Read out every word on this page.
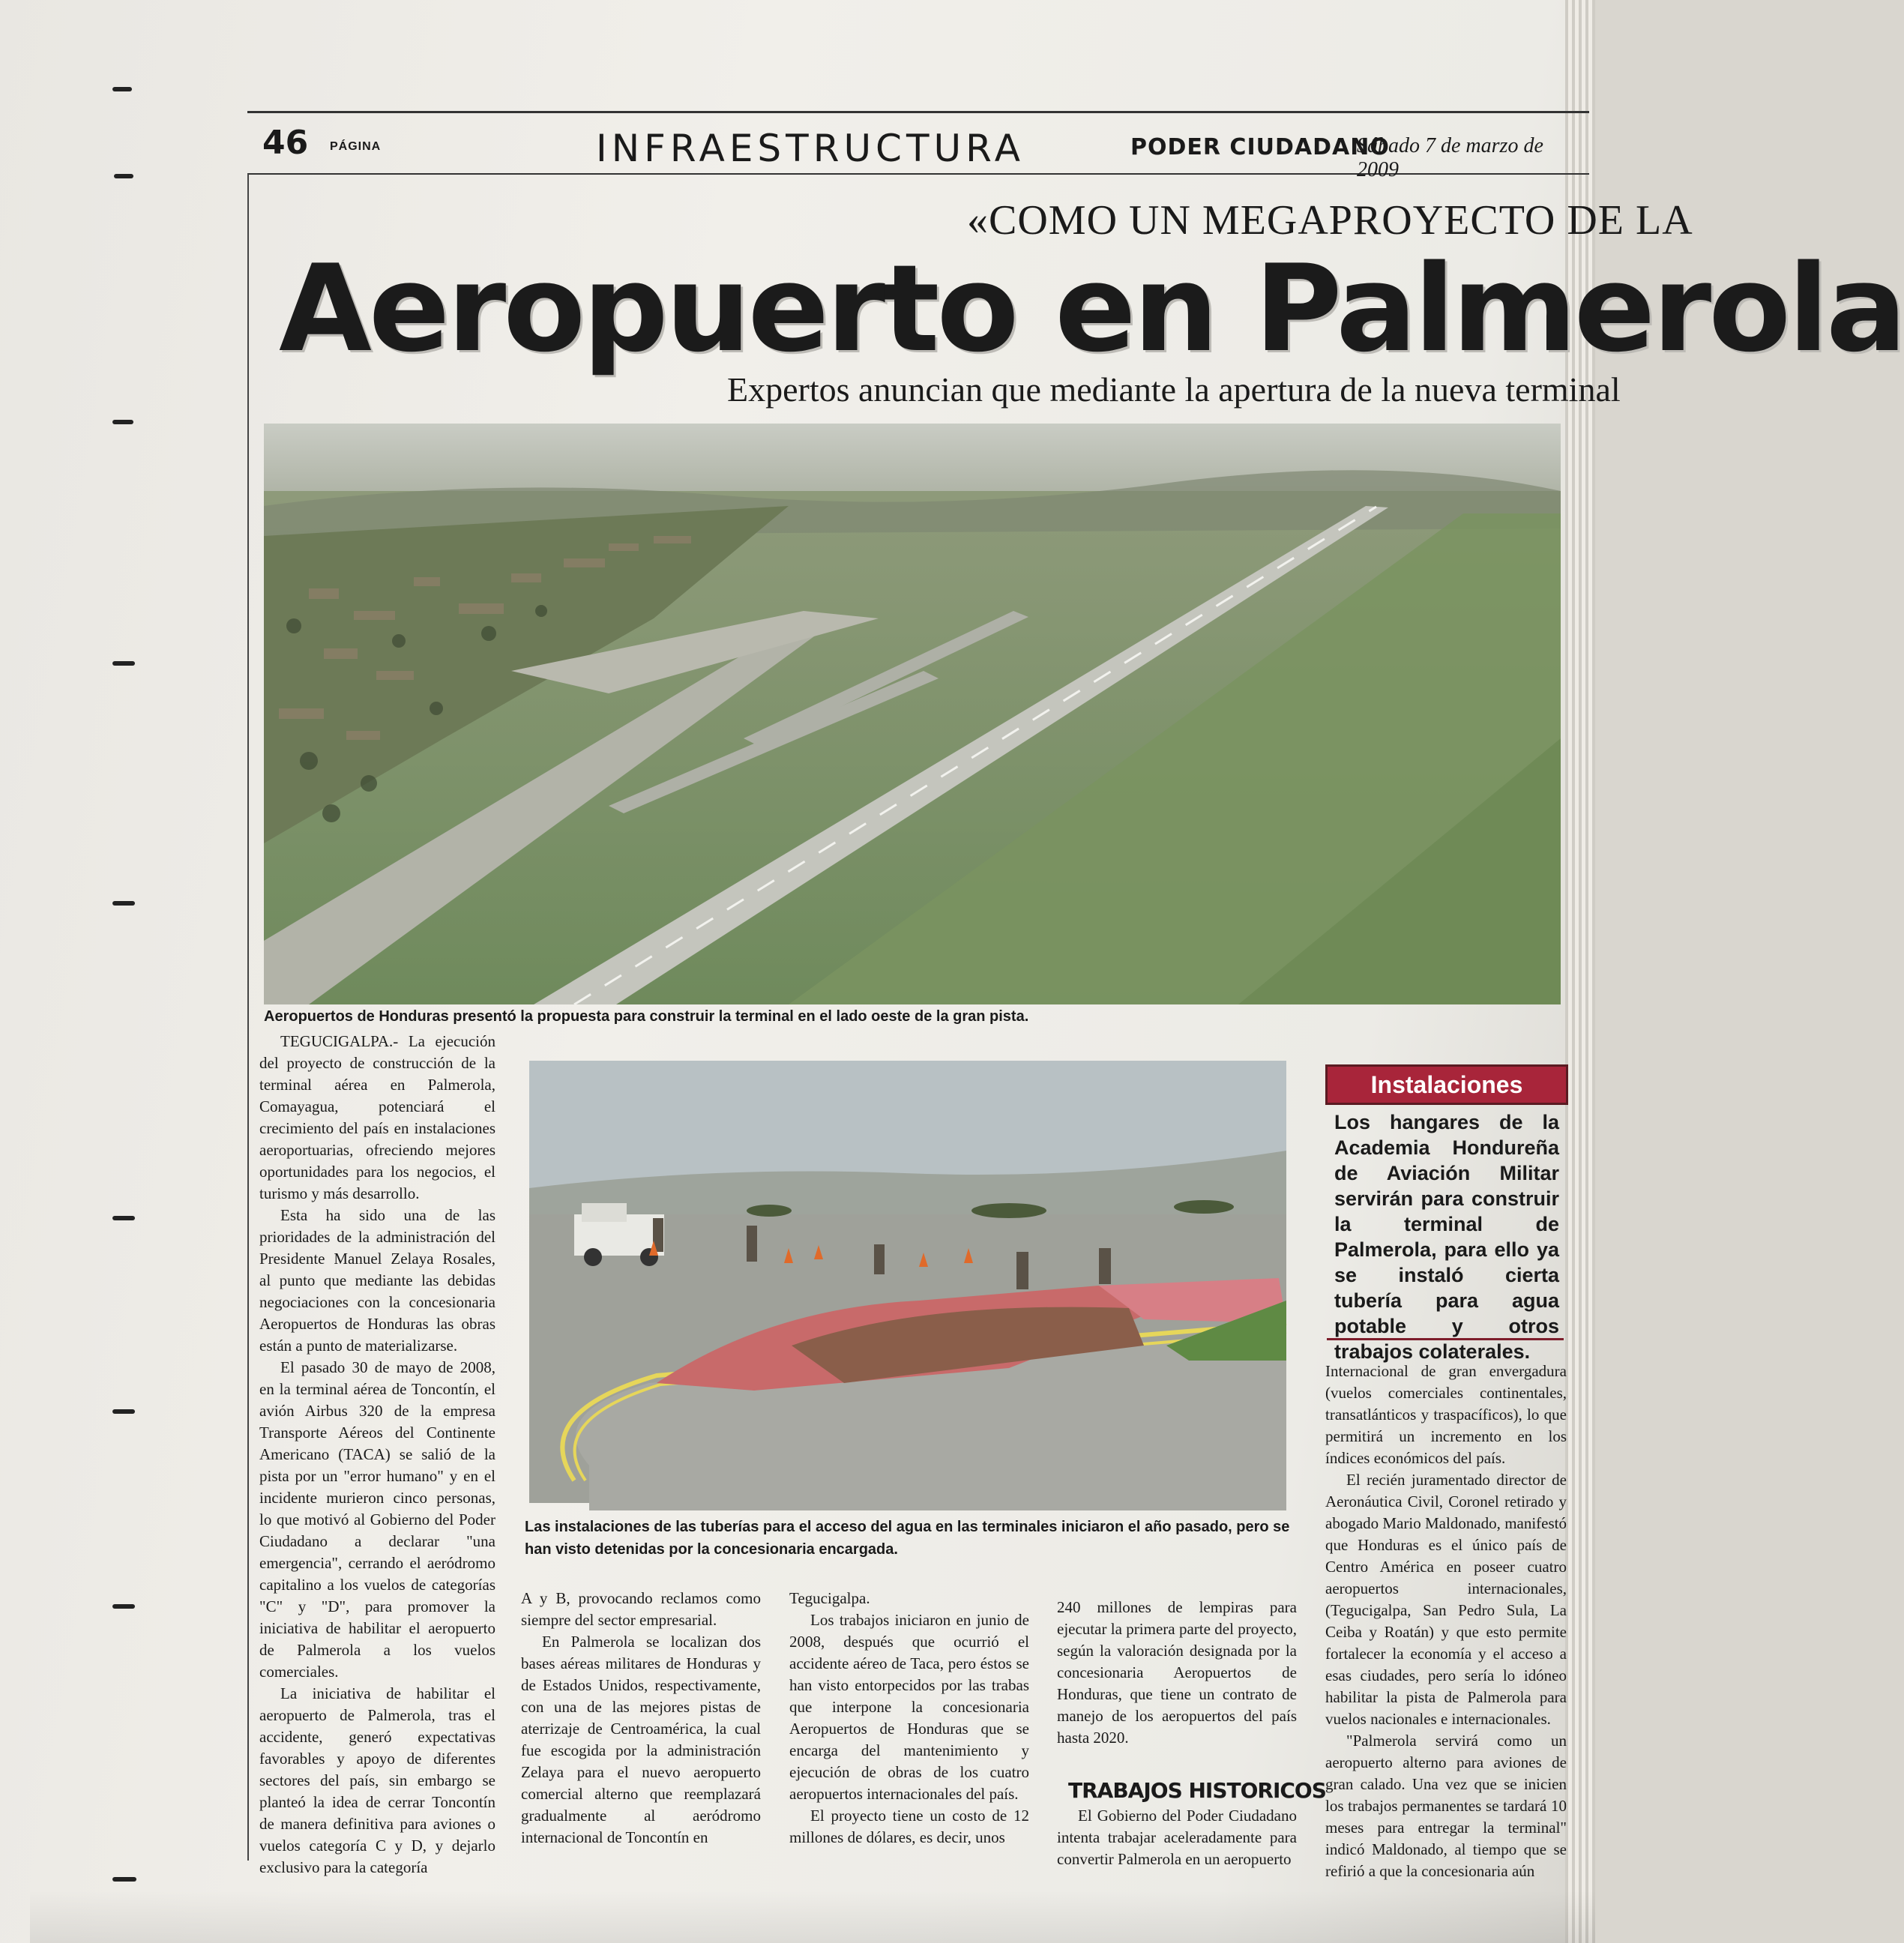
46 PÁGINA	INFRAESTRUCTURA	PODER CIUDADANO
Sábado 7 de marzo de 2009
«COMO UN MEGAPROYECTO DE LA
Aeropuerto en Palmerola
Expertos anuncian que mediante la apertura de la nueva terminal
Aeropuertos de Honduras presentó la propuesta para construir la terminal en el lado oeste de la gran pista.
Las instalaciones de las tuberías para el acceso del agua en las terminales iniciaron el año pasado, pero se han visto detenidas por la concesionaria encargada.
Instalaciones
Los hangares de la Academia Hondureña de Aviación Militar servirán para construir la terminal de Palmerola, para ello ya se instaló cierta tubería para agua potable y otros trabajos colaterales.

TEGUCIGALPA.- La ejecución del proyecto de construcción de la terminal aérea en Palmerola, Comayagua, potenciará el crecimiento del país en instalaciones aeroportuarias, ofreciendo mejores oportunidades para los negocios, el turismo y más desarrollo.

Esta ha sido una de las prioridades de la administración del Presidente Manuel Zelaya Rosales, al punto que mediante las debidas negociaciones con la concesionaria Aeropuertos de Honduras las obras están a punto de materializarse.

El pasado 30 de mayo de 2008, en la terminal aérea de Toncontín, el avión Airbus 320 de la empresa Transporte Aéreos del Continente Americano (TACA) se salió de la pista por un "error humano" y en el incidente murieron cinco personas, lo que motivó al Gobierno del Poder Ciudadano a declarar "una emergencia", cerrando el aeródromo capitalino a los vuelos de categorías "C" y "D", para promover la iniciativa de habilitar el aeropuerto de Palmerola a los vuelos comerciales.

La iniciativa de habilitar el aeropuerto de Palmerola, tras el accidente, generó expectativas favorables y apoyo de diferentes sectores del país, sin embargo se planteó la idea de cerrar Toncontín de manera definitiva para aviones o vuelos categoría C y D, y dejarlo exclusivo para la categoría

A y B, provocando reclamos como siempre del sector empresarial.

En Palmerola se localizan dos bases aéreas militares de Honduras y de Estados Unidos, respectivamente, con una de las mejores pistas de aterrizaje de Centroamérica, la cual fue escogida por la administración Zelaya para el nuevo aeropuerto comercial alterno que reemplazará gradualmente al aeródromo internacional de Toncontín en

Tegucigalpa.

Los trabajos iniciaron en junio de 2008, después que ocurrió el accidente aéreo de Taca, pero éstos se han visto entorpecidos por las trabas que interpone la concesionaria Aeropuertos de Honduras que se encarga del mantenimiento y ejecución de obras de los cuatro aeropuertos internacionales del país.

El proyecto tiene un costo de 12 millones de dólares, es decir, unos

240 millones de lempiras para ejecutar la primera parte del proyecto, según la valoración designada por la concesionaria Aeropuertos de Honduras, que tiene un contrato de manejo de los aeropuertos del país hasta 2020.

TRABAJOS HISTORICOS

El Gobierno del Poder Ciudadano intenta trabajar aceleradamente para convertir Palmerola en un aeropuerto

Internacional de gran envergadura (vuelos comerciales continentales, transatlánticos y traspacíficos), lo que permitirá un incremento en los índices económicos del país.

El recién juramentado director de Aeronáutica Civil, Coronel retirado y abogado Mario Maldonado, manifestó que Honduras es el único país de Centro América en poseer cuatro aeropuertos internacionales, (Tegucigalpa, San Pedro Sula, La Ceiba y Roatán) y que esto permite fortalecer la economía y el acceso a esas ciudades, pero sería lo idóneo habilitar la pista de Palmerola para vuelos nacionales e internacionales.

"Palmerola servirá como un aeropuerto alterno para aviones de gran calado. Una vez que se inicien los trabajos permanentes se tardará 10 meses para entregar la terminal" indicó Maldonado, al tiempo que se refirió a que la concesionaria aún
